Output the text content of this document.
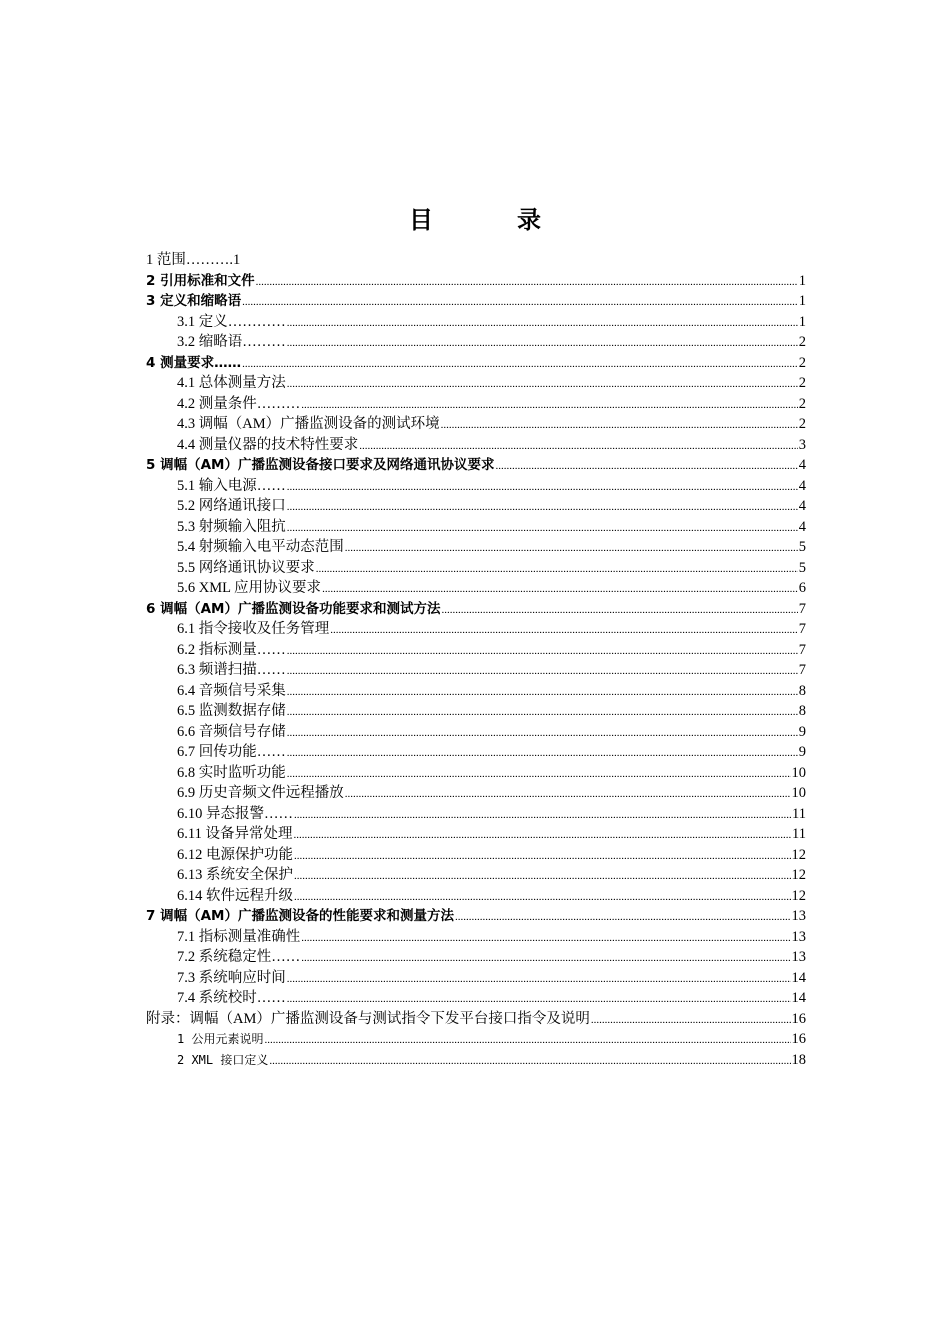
目　录
1 范围……… .1
2 引用标准和文件 .....	1
3 定义和缩略语 .....	1
3.1 定义………… .....	1
3.2 缩略语……… .....	2
4 测量要求…… .....	2
4.1 总体测量方法 .....	2
4.2 测量条件……… .....	2
4.3 调幅（AM）广播监测设备的测试环境 .....	2
4.4 测量仪器的技术特性要求 .....	3
5 调幅（AM）广播监测设备接口要求及网络通讯协议要求 .....	4
5.1 输入电源…… .....	4
5.2 网络通讯接口 .....	4
5.3 射频输入阻抗 .....	4
5.4 射频输入电平动态范围 .....	5
5.5 网络通讯协议要求 .....	5
5.6 XML 应用协议要求 .....	6
6 调幅（AM）广播监测设备功能要求和测试方法 .....	7
6.1 指令接收及任务管理 .....	7
6.2 指标测量…… .....	7
6.3 频谱扫描…… .....	7
6.4 音频信号采集 .....	8
6.5 监测数据存储 .....	8
6.6 音频信号存储 .....	9
6.7 回传功能…… .....	9
6.8 实时监听功能 .....	10
6.9 历史音频文件远程播放 .....	10
6.10 异态报警…… .....	11
6.11 设备异常处理 .....	11
6.12 电源保护功能 .....	12
6.13 系统安全保护 .....	12
6.14 软件远程升级 .....	12
7 调幅（AM）广播监测设备的性能要求和测量方法 .....	13
7.1 指标测量准确性 .....	13
7.2 系统稳定性…… .....	13
7.3 系统响应时间 .....	14
7.4 系统校时…… .....	14
附录：调幅（AM）广播监测设备与测试指令下发平台接口指令及说明 .....	16
1 公用元素说明 .....	16
2 XML 接口定义 .....	18
